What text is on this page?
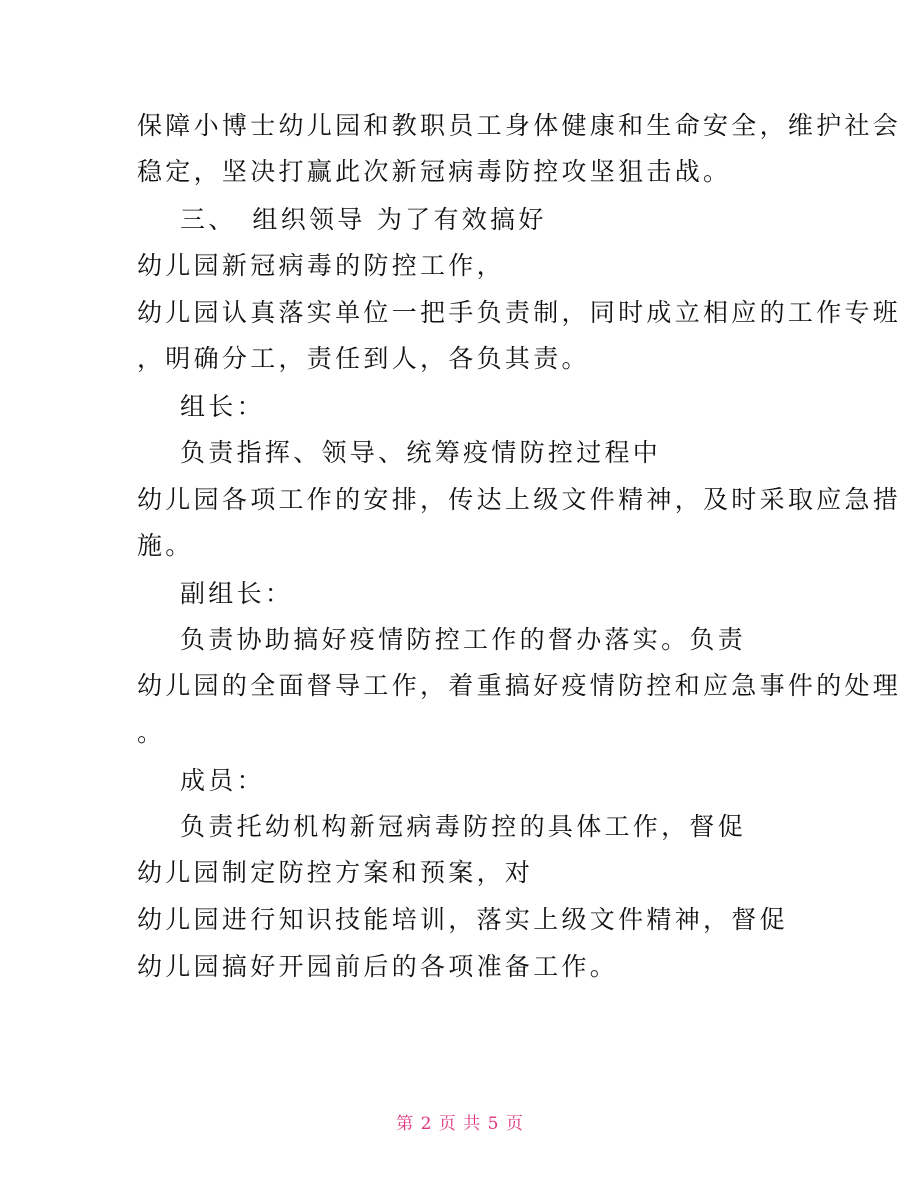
保障小博士幼儿园和教职员工身体健康和生命安全，维护社会
稳定，坚决打赢此次新冠病毒防控攻坚狙击战。
三、　组织领导 为了有效搞好
幼儿园新冠病毒的防控工作，
幼儿园认真落实单位一把手负责制，同时成立相应的工作专班
，明确分工，责任到人，各负其责。
组长：
负责指挥、领导、统筹疫情防控过程中
幼儿园各项工作的安排，传达上级文件精神，及时采取应急措
施。
副组长：
负责协助搞好疫情防控工作的督办落实。负责
幼儿园的全面督导工作，着重搞好疫情防控和应急事件的处理
。
成员：
负责托幼机构新冠病毒防控的具体工作，督促
幼儿园制定防控方案和预案，对
幼儿园进行知识技能培训，落实上级文件精神，督促
幼儿园搞好开园前后的各项准备工作。
第 2 页 共 5 页
